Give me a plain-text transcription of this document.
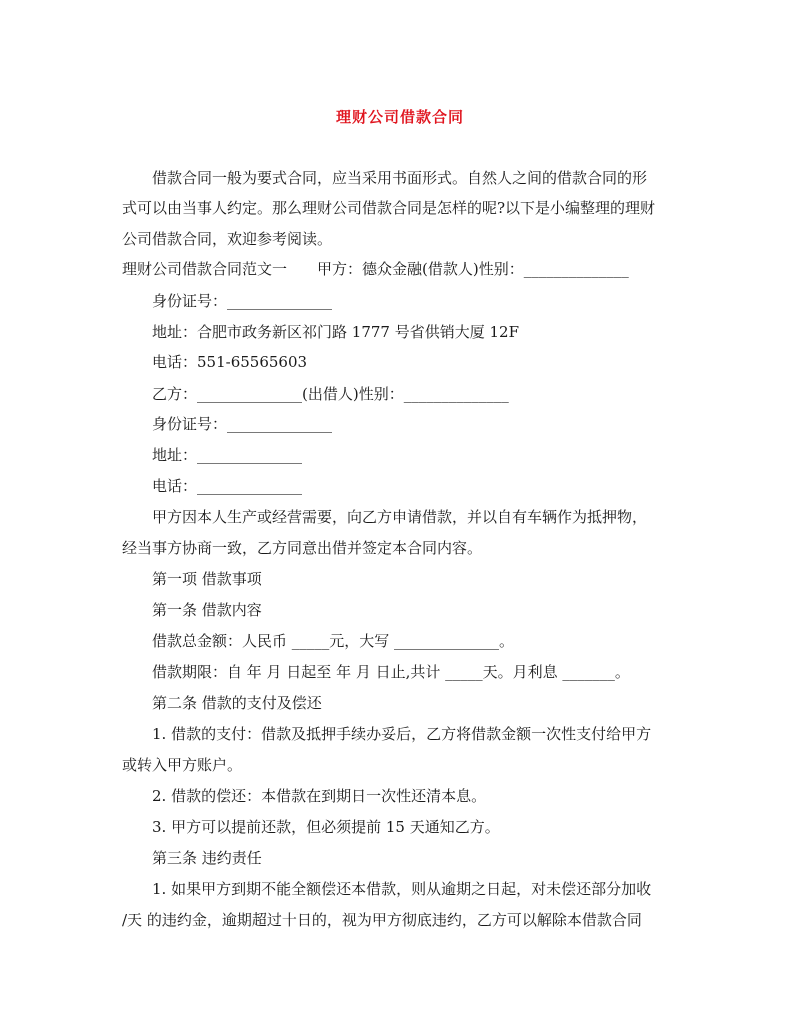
理财公司借款合同
借款合同一般为要式合同，应当采用书面形式。自然人之间的借款合同的形
式可以由当事人约定。那么理财公司借款合同是怎样的呢?以下是小编整理的理财
公司借款合同，欢迎参考阅读。
理财公司借款合同范文一　　甲方：德众金融(借款人)性别：______________
身份证号：______________
地址：合肥市政务新区祁门路 1777 号省供销大厦 12F
电话：551-65565603
乙方：______________(出借人)性别：______________
身份证号：______________
地址：______________
电话：______________
甲方因本人生产或经营需要，向乙方申请借款，并以自有车辆作为抵押物，
经当事方协商一致，乙方同意出借并签定本合同内容。
第一项 借款事项
第一条 借款内容
借款总金额：人民币 _____元，大写 ______________。
借款期限：自 年 月 日起至 年 月 日止,共计 _____天。月利息 _______。
第二条 借款的支付及偿还
1. 借款的支付：借款及抵押手续办妥后，乙方将借款金额一次性支付给甲方
或转入甲方账户。
2. 借款的偿还：本借款在到期日一次性还清本息。
3. 甲方可以提前还款，但必须提前 15 天通知乙方。
第三条 违约责任
1. 如果甲方到期不能全额偿还本借款，则从逾期之日起，对未偿还部分加收
/天 的违约金，逾期超过十日的，视为甲方彻底违约，乙方可以解除本借款合同
